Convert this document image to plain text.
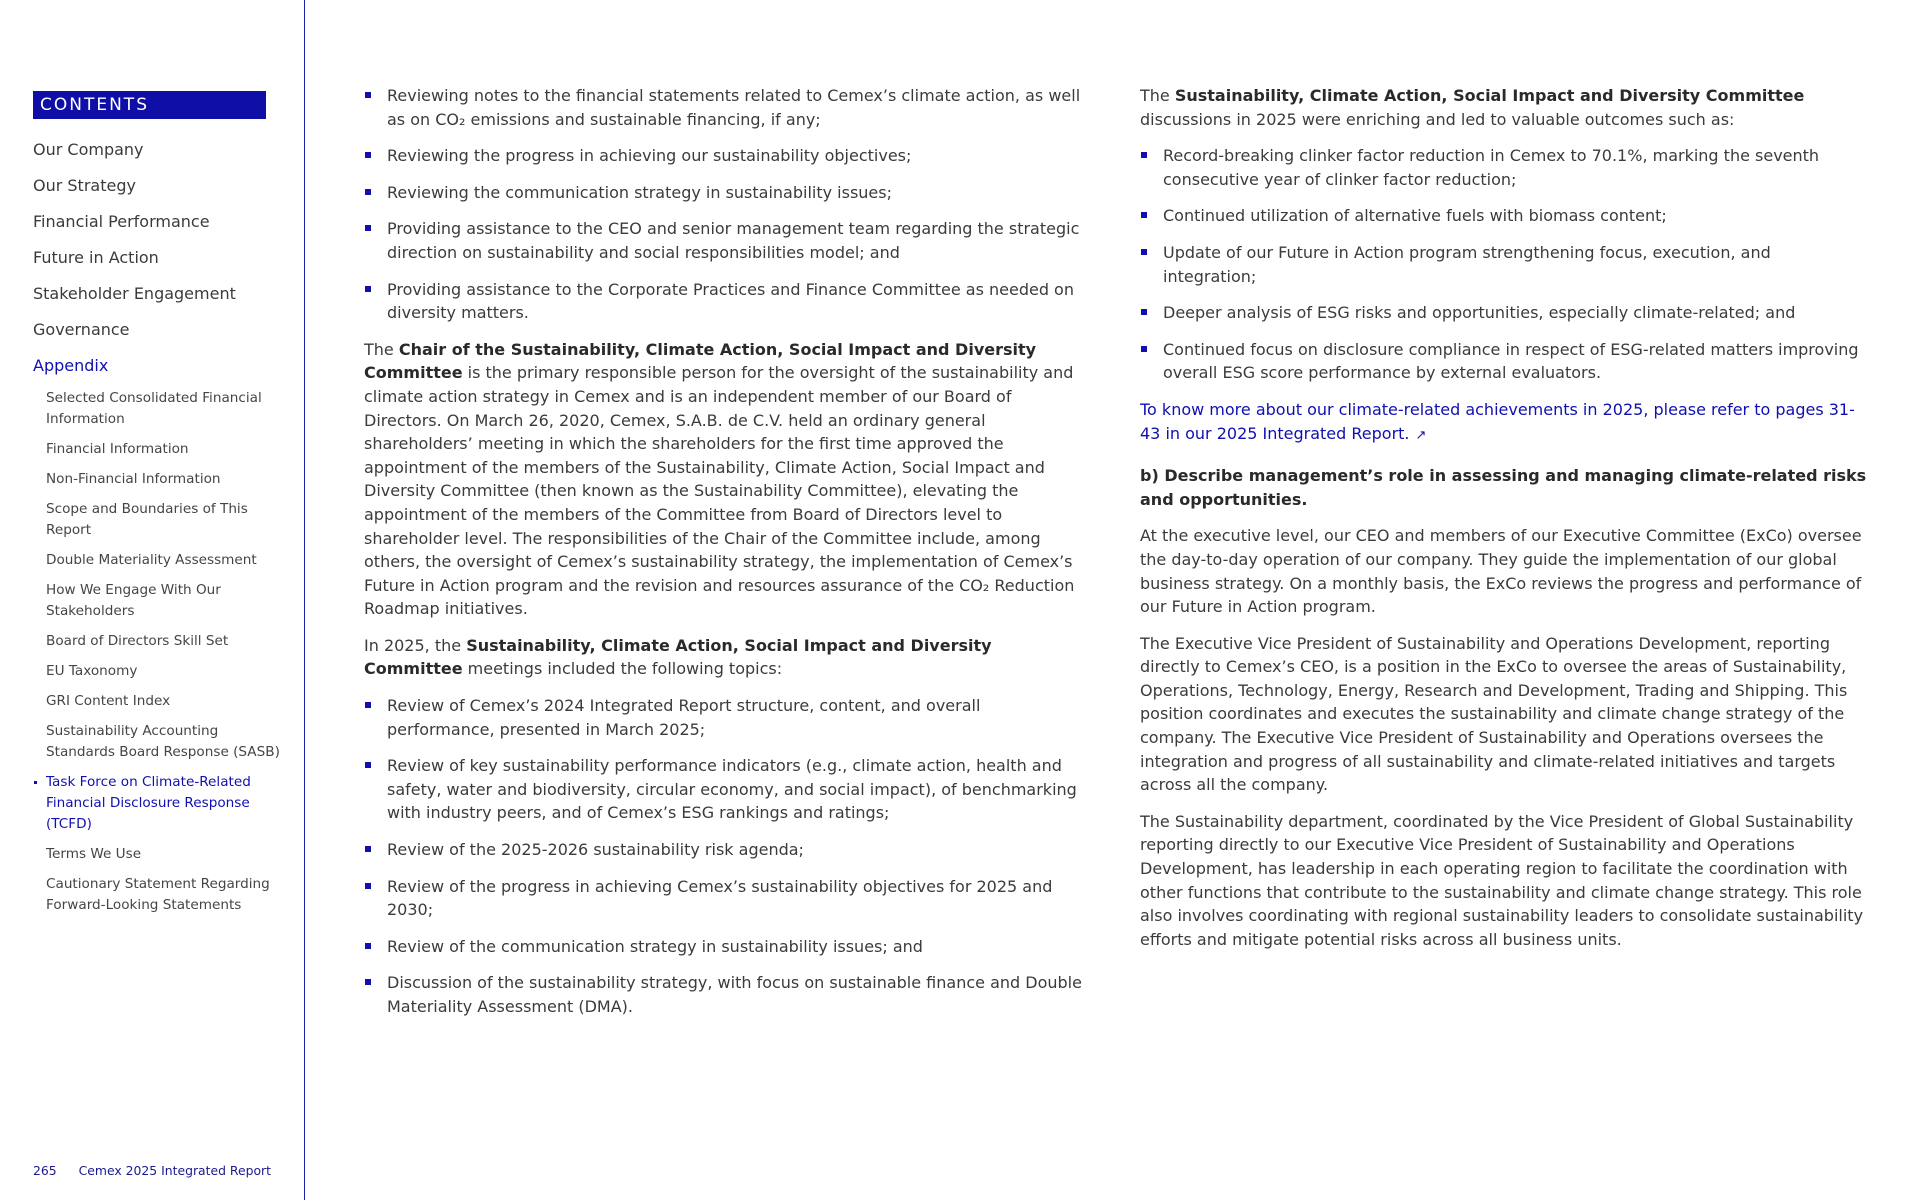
CONTENTS
Our Company
Our Strategy
Financial Performance
Future in Action
Stakeholder Engagement
Governance
Appendix
Selected Consolidated Financial Information
Financial Information
Non-Financial Information
Scope and Boundaries of This Report
Double Materiality Assessment
How We Engage With Our Stakeholders
Board of Directors Skill Set
EU Taxonomy
GRI Content Index
Sustainability Accounting Standards Board Response (SASB)
Task Force on Climate-Related Financial Disclosure Response (TCFD)
Terms We Use
Cautionary Statement Regarding Forward-Looking Statements
265 Cemex 2025 Integrated Report
Reviewing notes to the financial statements related to Cemex’s climate action, as well as on CO₂ emissions and sustainable financing, if any;
Reviewing the progress in achieving our sustainability objectives;
Reviewing the communication strategy in sustainability issues;
Providing assistance to the CEO and senior management team regarding the strategic direction on sustainability and social responsibilities model; and
Providing assistance to the Corporate Practices and Finance Committee as needed on diversity matters.

The Chair of the Sustainability, Climate Action, Social Impact and Diversity Committee is the primary responsible person for the oversight of the sustainability and climate action strategy in Cemex and is an independent member of our Board of Directors. On March 26, 2020, Cemex, S.A.B. de C.V. held an ordinary general shareholders’ meeting in which the shareholders for the first time approved the appointment of the members of the Sustainability, Climate Action, Social Impact and Diversity Committee (then known as the Sustainability Committee), elevating the appointment of the members of the Committee from Board of Directors level to shareholder level. The responsibilities of the Chair of the Committee include, among others, the oversight of Cemex’s sustainability strategy, the implementation of Cemex’s Future in Action program and the revision and resources assurance of the CO₂ Reduction Roadmap initiatives.

In 2025, the Sustainability, Climate Action, Social Impact and Diversity Committee meetings included the following topics:

Review of Cemex’s 2024 Integrated Report structure, content, and overall performance, presented in March 2025;
Review of key sustainability performance indicators (e.g., climate action, health and safety, water and biodiversity, circular economy, and social impact), of benchmarking with industry peers, and of Cemex’s ESG rankings and ratings;
Review of the 2025-2026 sustainability risk agenda;
Review of the progress in achieving Cemex’s sustainability objectives for 2025 and 2030;
Review of the communication strategy in sustainability issues; and
Discussion of the sustainability strategy, with focus on sustainable finance and Double Materiality Assessment (DMA).

The Sustainability, Climate Action, Social Impact and Diversity Committee discussions in 2025 were enriching and led to valuable outcomes such as:

Record-breaking clinker factor reduction in Cemex to 70.1%, marking the seventh consecutive year of clinker factor reduction;
Continued utilization of alternative fuels with biomass content;
Update of our Future in Action program strengthening focus, execution, and integration;
Deeper analysis of ESG risks and opportunities, especially climate-related; and
Continued focus on disclosure compliance in respect of ESG-related matters improving overall ESG score performance by external evaluators.

To know more about our climate-related achievements in 2025, please refer to pages 31-43 in our 2025 Integrated Report. ↗

b) Describe management’s role in assessing and managing climate-related risks and opportunities.

At the executive level, our CEO and members of our Executive Committee (ExCo) oversee the day-to-day operation of our company. They guide the implementation of our global business strategy. On a monthly basis, the ExCo reviews the progress and performance of our Future in Action program.

The Executive Vice President of Sustainability and Operations Development, reporting directly to Cemex’s CEO, is a position in the ExCo to oversee the areas of Sustainability, Operations, Technology, Energy, Research and Development, Trading and Shipping. This position coordinates and executes the sustainability and climate change strategy of the company. The Executive Vice President of Sustainability and Operations oversees the integration and progress of all sustainability and climate-related initiatives and targets across all the company.

The Sustainability department, coordinated by the Vice President of Global Sustainability reporting directly to our Executive Vice President of Sustainability and Operations Development, has leadership in each operating region to facilitate the coordination with other functions that contribute to the sustainability and climate change strategy. This role also involves coordinating with regional sustainability leaders to consolidate sustainability efforts and mitigate potential risks across all business units.
